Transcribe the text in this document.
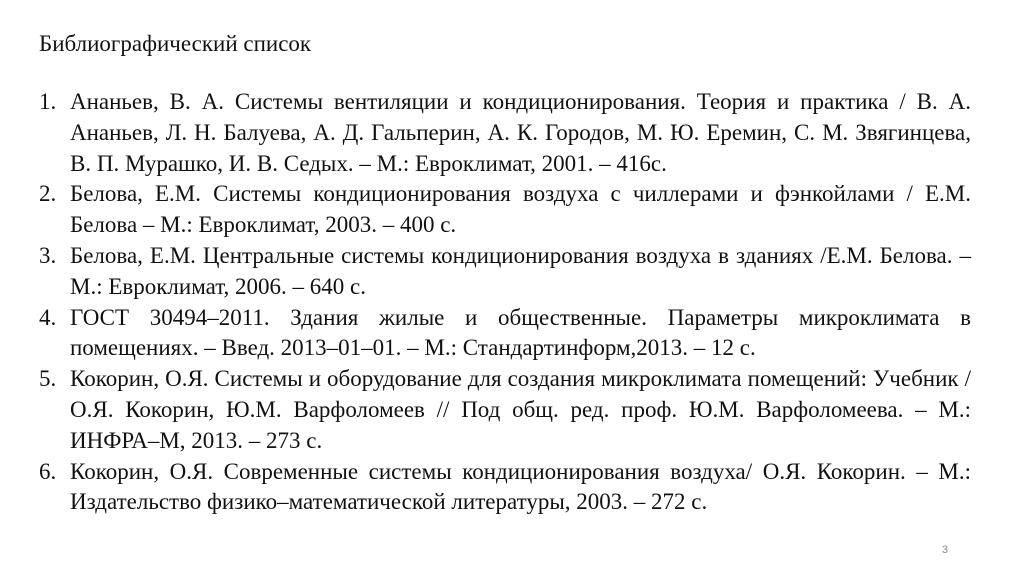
Библиографический список
1. Ананьев, В. А. Системы вентиляции и кондиционирования. Теория и практика / В. А. Ананьев, Л. Н. Балуева, А. Д. Гальперин, А. К. Городов, М. Ю. Еремин, С. М. Звягинцева, В. П. Мурашко, И. В. Седых. – М.: Евроклимат, 2001. – 416с.
2. Белова, Е.М. Системы кондиционирования воздуха с чиллерами и фэнкойлами / Е.М. Белова – М.: Евроклимат, 2003. – 400 с.
3. Белова, Е.М. Центральные системы кондиционирования воздуха в зданиях /Е.М. Белова. – М.: Евроклимат, 2006. – 640 с.
4. ГОСТ 30494–2011. Здания жилые и общественные. Параметры микроклимата в помещениях. – Введ. 2013–01–01. – М.: Стандартинформ,2013. – 12 с.
5. Кокорин, О.Я. Системы и оборудование для создания микроклимата помещений: Учебник / О.Я. Кокорин, Ю.М. Варфоломеев // Под общ. ред. проф. Ю.М. Варфоломеева. – М.: ИНФРА–М, 2013. – 273 с.
6. Кокорин, О.Я. Современные системы кондиционирования воздуха/ О.Я. Кокорин. – М.: Издательство физико–математической литературы, 2003. – 272 с.
3
